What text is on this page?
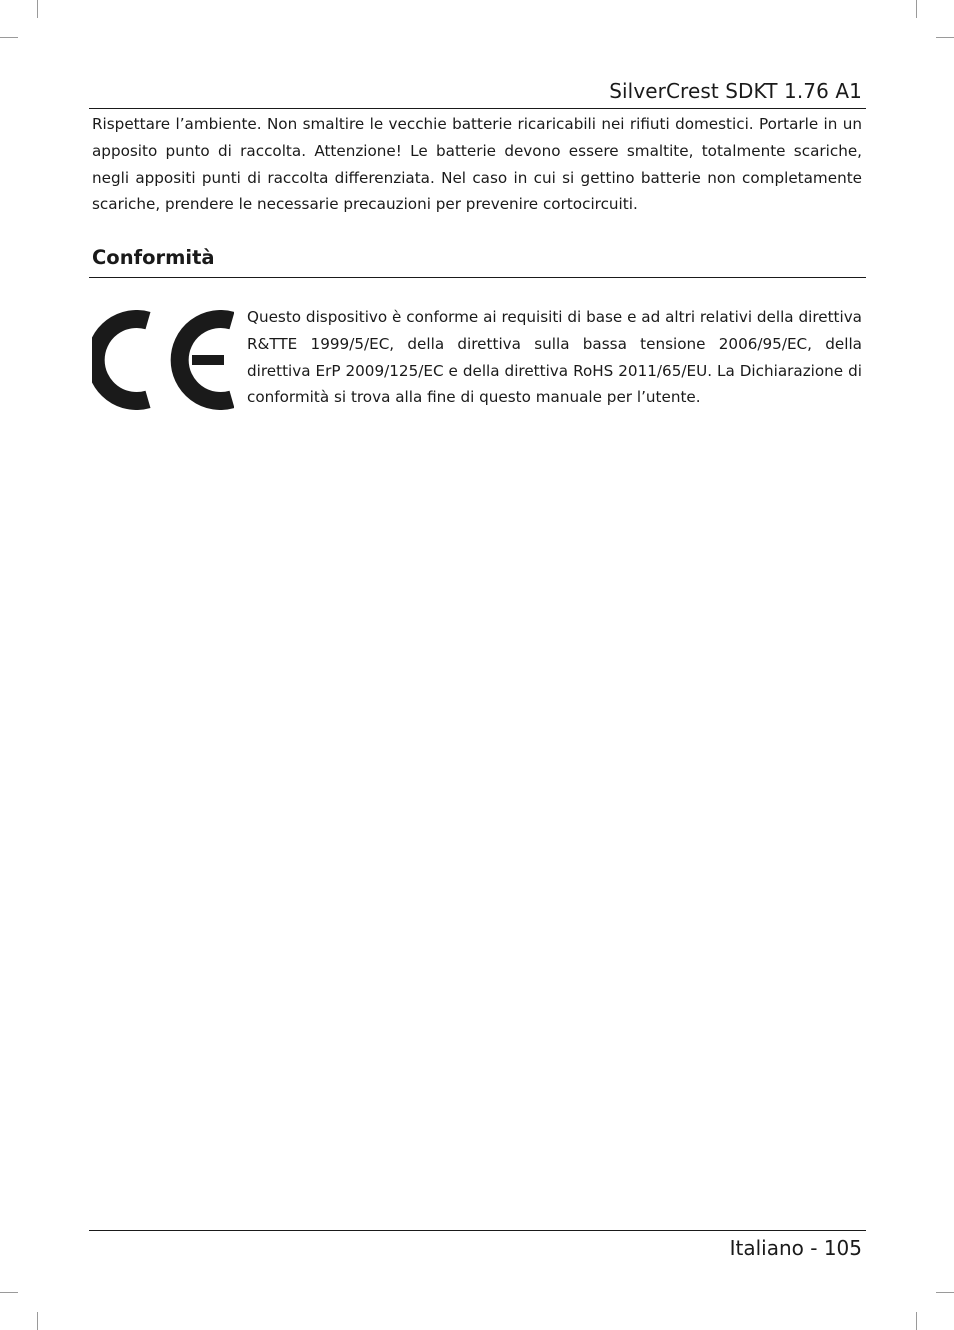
SilverCrest SDKT 1.76 A1

Rispettare l’ambiente. Non smaltire le vecchie batterie ricaricabili nei rifiuti domestici. Portarle in un apposito punto di raccolta. Attenzione! Le batterie devono essere smaltite, totalmente scariche, negli appositi punti di raccolta differenziata. Nel caso in cui si gettino batterie non completamente scariche, prendere le necessarie precauzioni per prevenire cortocircuiti.

Conformità

Questo dispositivo è conforme ai requisiti di base e ad altri relativi della direttiva R&TTE 1999/5/EC, della direttiva sulla bassa tensione 2006/95/EC, della direttiva ErP 2009/125/EC e della direttiva RoHS 2011/65/EU. La Dichiarazione di conformità si trova alla fine di questo manuale per l’utente.

Italiano - 105
